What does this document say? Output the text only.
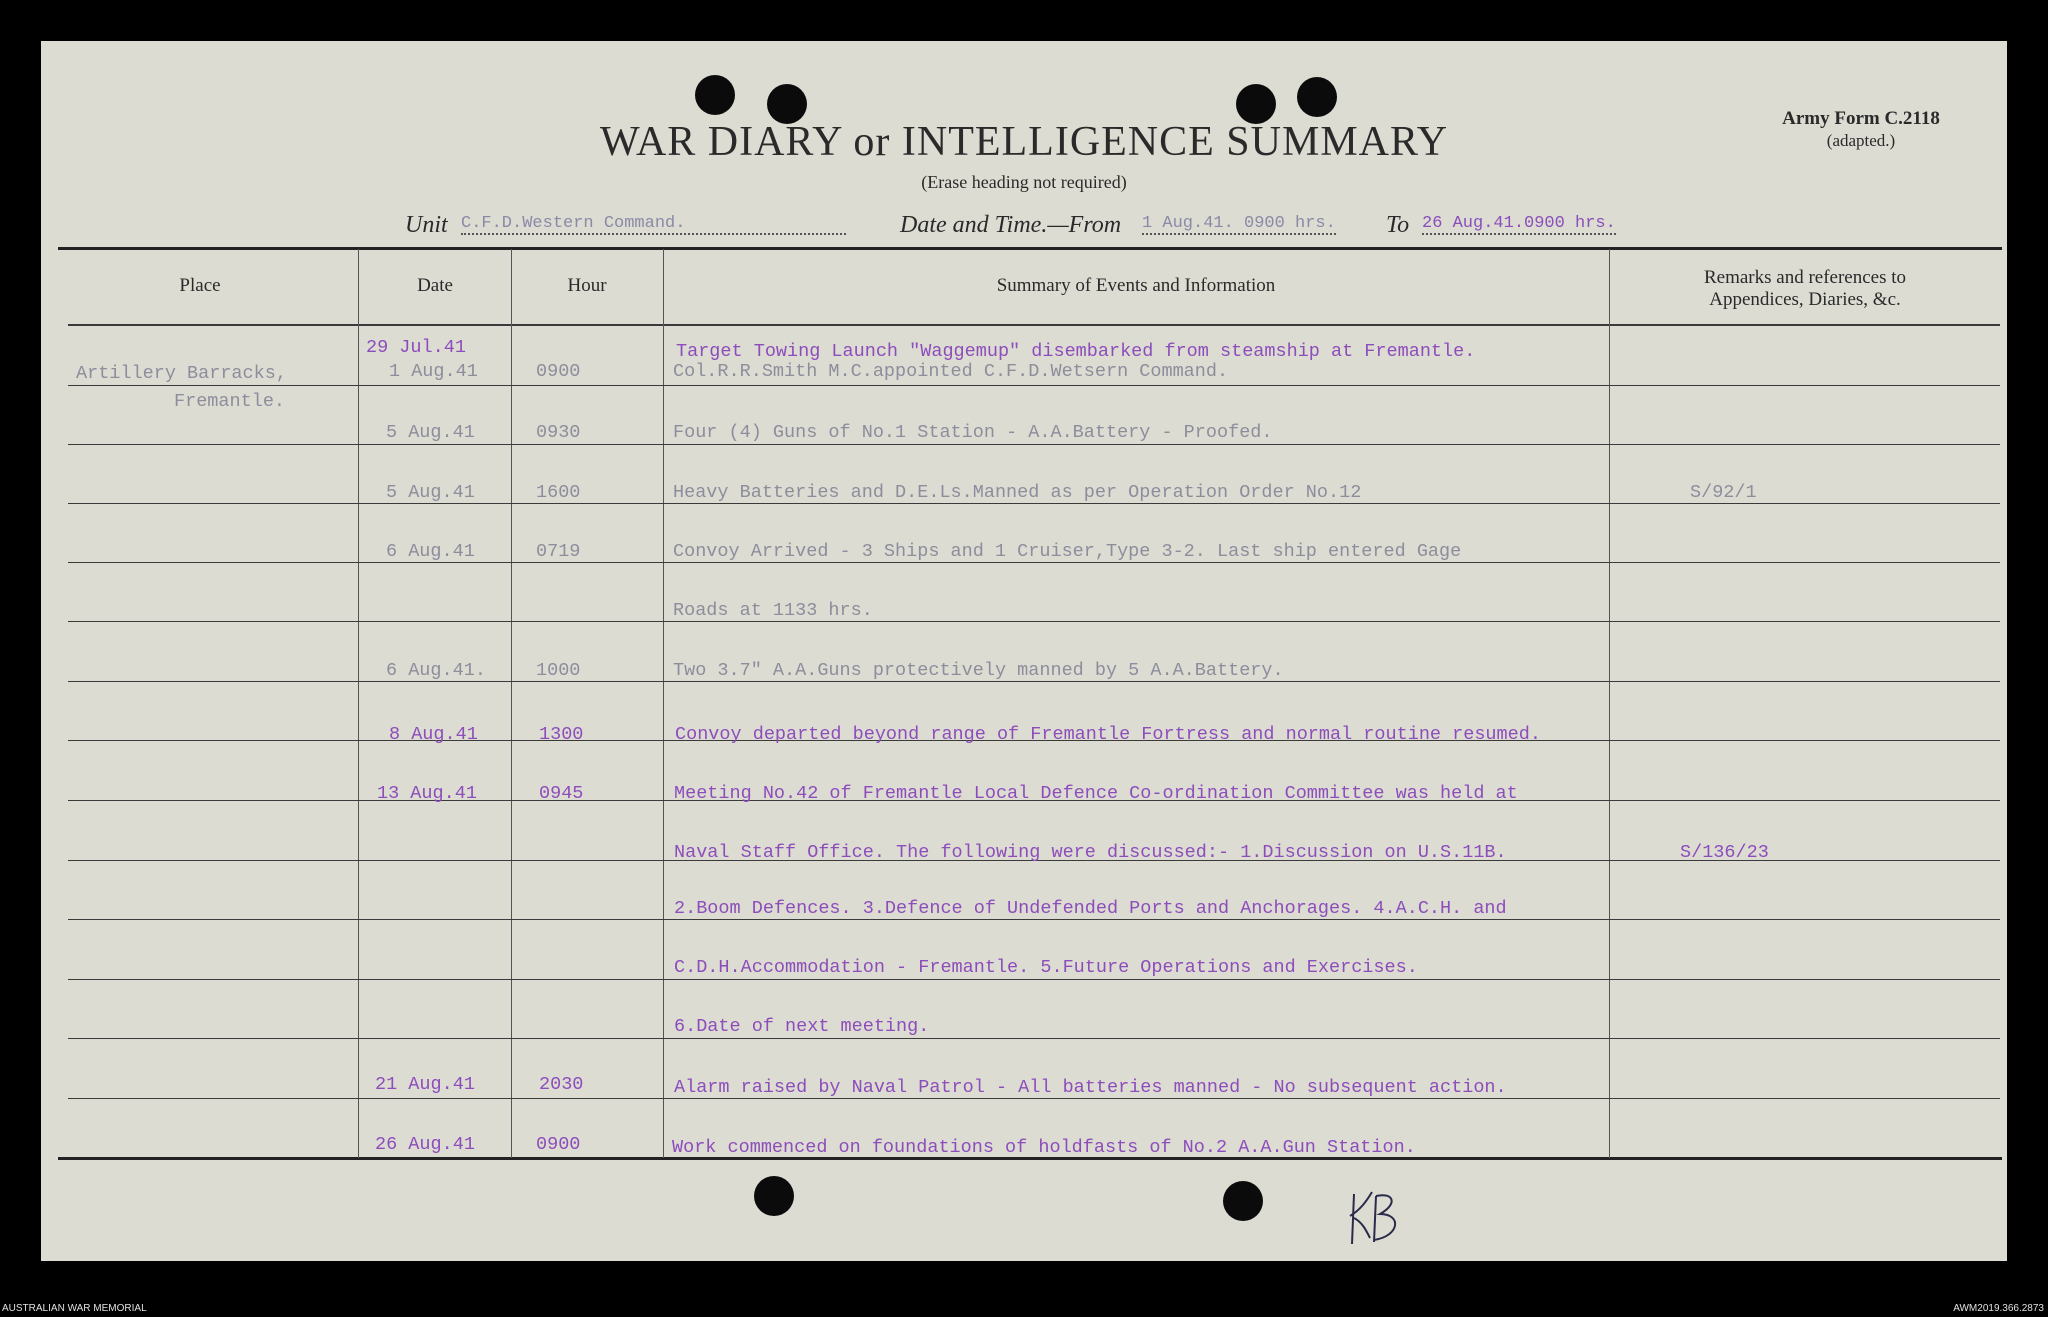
WAR DIARY or INTELLIGENCE SUMMARY
(Erase heading not required)
Army Form C.2118
(adapted.)
Unit C.F.D.Western Command.	Date and Time.—From 1 Aug.41. 0900 hrs. To 26 Aug.41.0900 hrs.
Place	Date	Hour	Summary of Events and Information	Remarks and references to
Appendices, Diaries, &c.
29 Jul.41	Target Towing Launch "Waggemup" disembarked from steamship at Fremantle.
Artillery Barracks,	1 Aug.41	0900	Col.R.R.Smith M.C.appointed C.F.D.Wetsern Command.
Fremantle.
5 Aug.41	0930	Four (4) Guns of No.1 Station - A.A.Battery - Proofed.
5 Aug.41	1600	Heavy Batteries and D.E.Ls.Manned as per Operation Order No.12	S/92/1
6 Aug.41	0719	Convoy Arrived - 3 Ships and 1 Cruiser,Type 3-2. Last ship entered Gage
Roads at 1133 hrs.
6 Aug.41.	1000	Two 3.7" A.A.Guns protectively manned by 5 A.A.Battery.
8 Aug.41	1300	Convoy departed beyond range of Fremantle Fortress and normal routine resumed.
13 Aug.41	0945	Meeting No.42 of Fremantle Local Defence Co-ordination Committee was held at
Naval Staff Office. The following were discussed:- 1.Discussion on U.S.11B.	S/136/23
2.Boom Defences. 3.Defence of Undefended Ports and Anchorages. 4.A.C.H. and
C.D.H.Accommodation - Fremantle. 5.Future Operations and Exercises.
6.Date of next meeting.
21 Aug.41	2030	Alarm raised by Naval Patrol - All batteries manned - No subsequent action.
26 Aug.41	0900	Work commenced on foundations of holdfasts of No.2 A.A.Gun Station.
AUSTRALIAN WAR MEMORIAL	AWM2019.366.2873
